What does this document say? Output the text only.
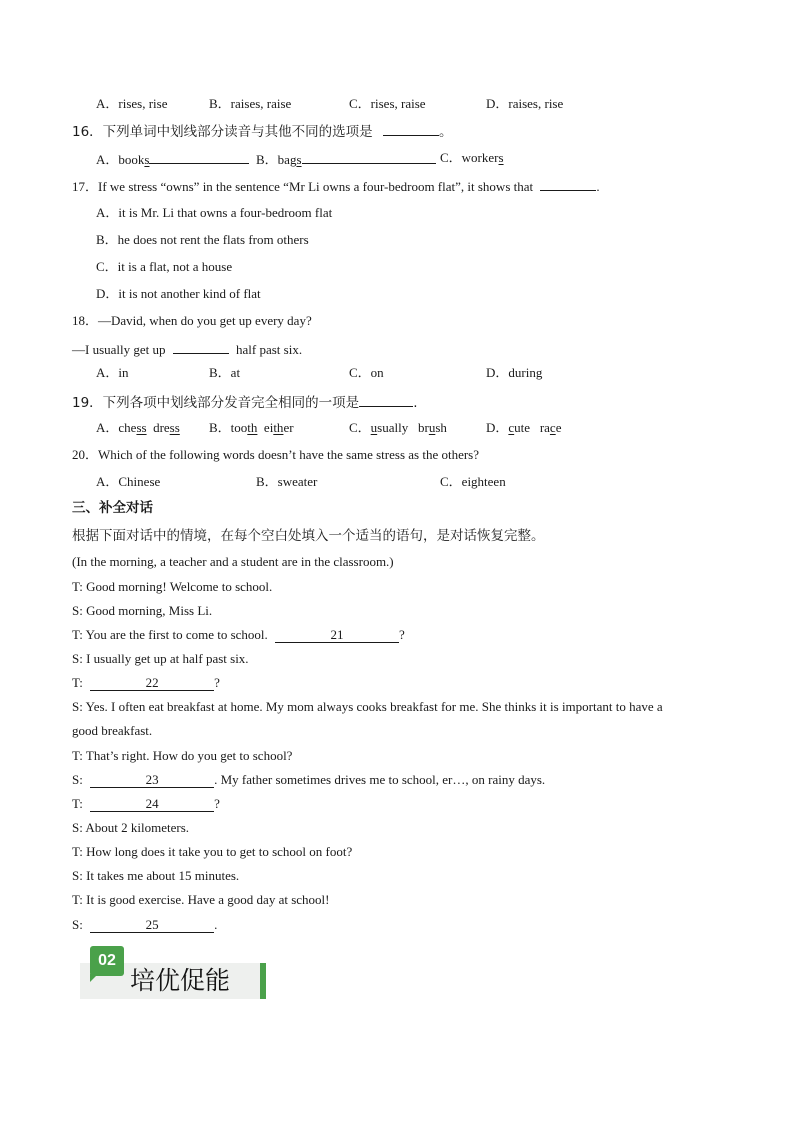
A．rises, rise	B．raises, raise	C．rises, raise	D．raises, rise
16．下列单词中划线部分读音与其他不同的选项是	。
A．books	B．bags	C．workers
17．If we stress “owns” in the sentence “Mr Li owns a four-bedroom flat”, it shows that	.
A．it is Mr. Li that owns a four-bedroom flat
B．he does not rent the flats from others
C．it is a flat, not a house
D．it is not another kind of flat
18．—David, when do you get up every day?
—I usually get up	half past six.
A．in	B．at	C．on	D．during
19．下列各项中划线部分发音完全相同的一项是	.
A．chess dress B．tooth either	C．usually brush	D．cute race
20．Which of the following words doesn’t have the same stress as the others?
A．Chinese	B．sweater	C．eighteen
三、补全对话
根据下面对话中的情境，在每个空白处填入一个适当的语句，是对话恢复完整。
(In the morning, a teacher and a student are in the classroom.)
T: Good morning! Welcome to school.
S: Good morning, Miss Li.
T: You are the first to come to school.	21	?
S: I usually get up at half past six.
T:	22	?
S: Yes. I often eat breakfast at home. My mom always cooks breakfast for me. She thinks it is important to have a
good breakfast.
T: That’s right. How do you get to school?
S:	23	. My father sometimes drives me to school, er…, on rainy days.
T:	24	?
S: About 2 kilometers.
T: How long does it take you to get to school on foot?
S: It takes me about 15 minutes.
T: It is good exercise. Have a good day at school!
S:	25	.
02
培优促能
